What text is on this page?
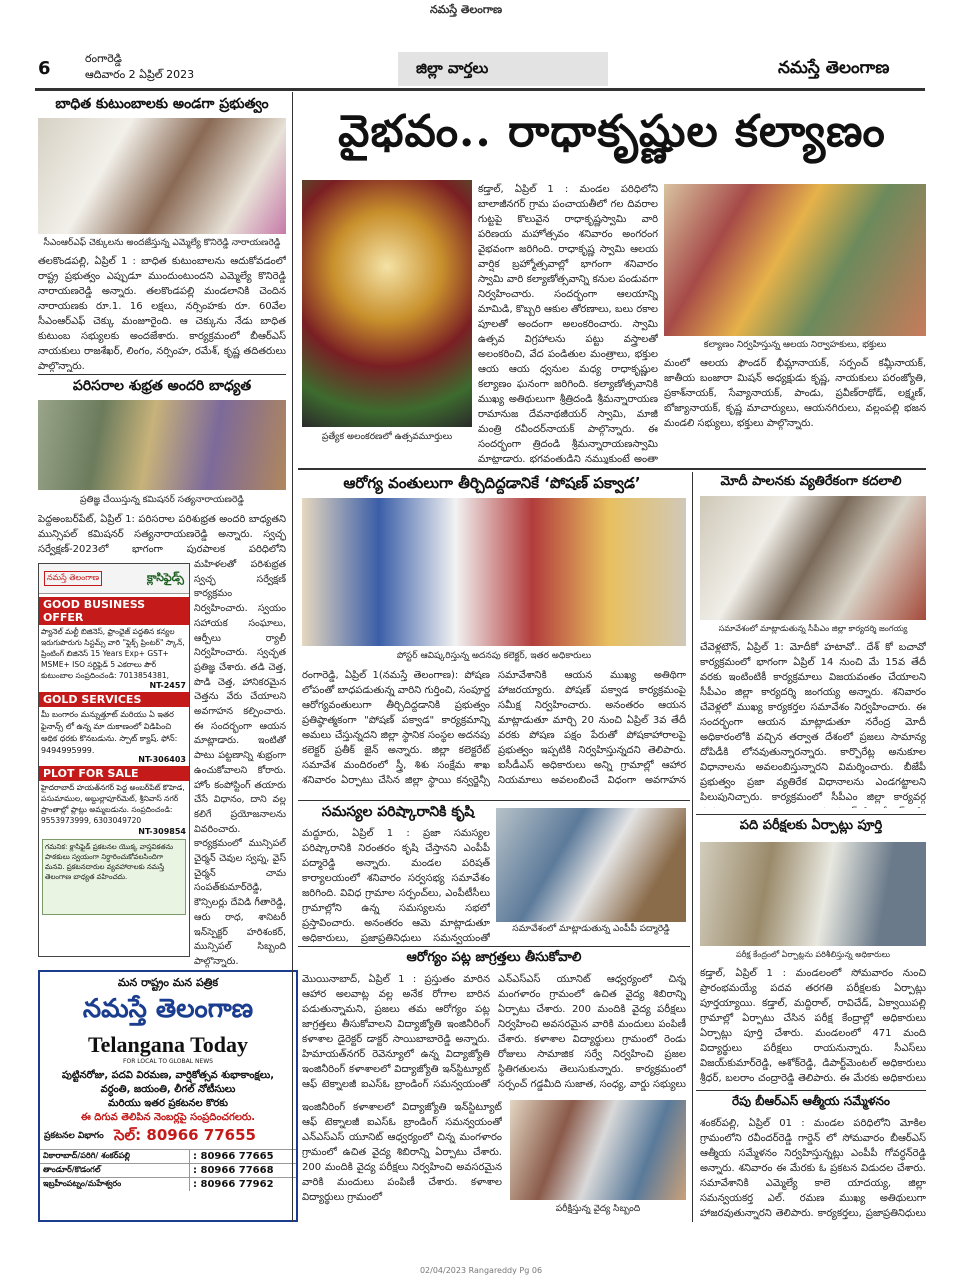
నమస్తే తెలంగాణ
6	రంగారెడ్డి
ఆదివారం 2 ఏప్రిల్ 2023	జిల్లా వార్తలు	నమస్తే తెలంగాణ
బాధిత కుటుంబాలకు అండగా ప్రభుత్వం
సీఎంఆర్‌ఎఫ్ చెక్కులను అందజేస్తున్న ఎమ్మెల్యే కొనిరెడ్డి నారాయణరెడ్డి
తలకొండపల్లి, ఏప్రిల్ 1 : బాధిత కుటుంబాలను ఆదుకోవడంలో రాష్ట్ర ప్రభుత్వం ఎప్పుడూ ముందుంటుందని ఎమ్మెల్యే కొనిరెడ్డి నారాయణరెడ్డి అన్నారు. తలకొండపల్లి మండలానికి చెందిన నారాయణకు రూ.1. 16 లక్షలు, నర్సింహకు రూ. 60వేల సీఎంఆర్‌ఎఫ్ చెక్కు మంజూరైంది. ఆ చెక్కును నేడు బాధిత కుటుంబ సభ్యులకు అందజేశారు. కార్యక్రమంలో బీఆర్‌ఎస్ నాయకులు రాజశేఖర్, లింగం, నర్సింహ, రమేశ్, కృష్ణ తదితరులు పాల్గొన్నారు.
పరిసరాల శుభ్రత అందరి బాధ్యత
ప్రతిజ్ఞ చేయిస్తున్న కమిషనర్ సత్యనారాయణరెడ్డి
పెద్దఅంబర్‌పేట్, ఏప్రిల్ 1: పరిసరాల పరిశుభ్రత అందరి బాధ్యతని మున్సిపల్ కమిషనర్ సత్యనారాయణరెడ్డి అన్నారు. స్వచ్ఛ సర్వేక్షణ్-2023లో భాగంగా పురపాలక పరిధిలోని
మహిళలతో పరిశుభ్రత స్వచ్ఛ సర్వేక్షణ్ కార్యక్రమం నిర్వహించారు. స్వయం సహాయక సంఘాలు, ఆర్పీలు ర్యాలీ నిర్వహించారు. స్వచ్ఛత ప్రతిజ్ఞ చేశారు. తడి చెత్త, పొడి చెత్త, హానికరమైన చెత్తను వేరు చేయాలని అవగాహన కల్పించారు. ఈ సందర్భంగా ఆయన మాట్లాడారు. ఇంటితో పాటు పట్టణాన్ని శుభ్రంగా ఉంచుకోవాలని కోరారు. హోం కంపోస్టింగ్ తయారు చేసే విధానం, దాని వల్ల కలిగే ప్రయోజనాలను వివరించారు. కార్యక్రమంలో మున్సిపల్ చైర్మన్ చెవుల స్వప్న, వైస్ చైర్మన్ చామ సంపత్‌కుమార్‌రెడ్డి, కౌన్సిలర్లు దేవిడి గీతారెడ్డి, ఆరు రాధ, శానిటరీ ఇన్‌స్పెక్టర్ హరిశంకర్, మున్సిపల్ సిబ్బంది పాల్గొన్నారు.
నమస్తే తెలంగాణ	క్లాసిఫైడ్స్
GOOD BUSINESS OFFER
ప్యానెల్ మల్టీ బిజినెస్, ఫ్రాంఛైజ్ పద్దతిన కన్యల ఇరుగుపొరుగు సిస్టమ్స్ వారి "ఫ్లెక్స్ ప్రింటర్" స్కాన్, ప్రింటింగ్ బిజినెస్ 15 Years Exp+ GST+ MSME+ ISO సర్టిఫైడ్ 5 ఎకరాలు పౌర్ కుటుంబాల సంప్రదించండి: 7013854381,
NT-2457
GOLD SERVICES
మీ బంగారం మన్నుత్తూట్ మరియు ఏ ఇతర ఫైనాన్స్ లో ఉన్న మా దుకాణంలో విడిపించి అధిక ధరకు కొనబడును. స్పాట్ క్యాష్. ఫోన్: 9494995999.
NT-306403
PLOT FOR SALE
హైదరాబాద్ హయత్‌నగర్ పెద్ద అంబర్‌పేట్ కొహెడ, పసుమాముల, అబ్దుల్లాపూర్‌మెట్, శ్రీనివాస్ నగర్ ప్రాంతాల్లో ప్లాట్లు అమ్మబడును. సంప్రదించండి: 9553973999, 6303049720
NT-309854
గమనిక: క్లాసిఫైడ్ ప్రకటనల యొక్క వాస్తవికతను పాఠకులు స్వయంగా నిర్ధారించుకోవలసిందిగా మనవి. ప్రకటనదారుల వ్యవహారాలకు నమస్తే తెలంగాణ బాధ్యత వహించదు.
మన రాష్ట్రం మన పత్రిక
నమస్తే తెలంగాణ
Telangana Today
FOR LOCAL TO GLOBAL NEWS
పుట్టినరోజు, పదవి విరమణ, వార్షికోత్సవ శుభాకాంక్షలు,
వర్ధంతి, జయంతి, లీగల్ నోటీసులు
మరియు ఇతర ప్రకటనల కొరకు
ఈ దిగువ తెలిపిన నెంబర్లపై సంప్రదించగలరు.
ప్రకటనల విభాగం సెల్: 80966 77655
వికారాబాద్/పరిగి/ శంకర్‌పల్లి	: 80966 77665
తాండూర్/కొడంగల్	: 80966 77668
ఇబ్రహీంపట్నం/మహేశ్వరం	: 80966 77962
వైభవం.. రాధాకృష్ణుల కల్యాణం
ప్రత్యేక అలంకరణలో ఉత్సవమూర్తులు
కడ్తాల్, ఏప్రిల్ 1 : మండల పరిధిలోని బాలాజీనగర్ గ్రామ పంచాయతీలో గల దివరాల గుట్టపై కొలువైన రాధాకృష్ణస్వామి వారి పరిణయ మహోత్సవం శనివారం అంగరంగ వైభవంగా జరిగింది. రాధాకృష్ణ స్వామి ఆలయ వార్షిక బ్రహ్మోత్సవాల్లో భాగంగా శనివారం స్వామి వారి కల్యాణోత్సవాన్ని కనుల పండువగా నిర్వహించారు. సందర్భంగా ఆలయాన్ని మామిడి, కొబ్బరి ఆకుల తోరణాలు, బలు రకాల పూలతో అందంగా అలంకరించారు. స్వామి ఉత్సవ విగ్రహాలను పట్టు వస్త్రాలతో అలంకరించి, వేద పండితుల మంత్రాలు, భక్తుల ఆయ ఆయ ధ్వనుల మధ్య రాధాకృష్ణుల కల్యాణం ఘనంగా జరిగింది. కల్యాణోత్సవానికి ముఖ్య అతిథులుగా శ్రీత్రిదండి శ్రీమన్నారాయణ రామానుజ దేవనాథజీయర్ స్వామి, మాజీ మంత్రి రవీందర్‌నాయక్ పాల్గొన్నారు. ఈ సందర్భంగా త్రిదండి శ్రీమన్నారాయణస్వామి మాట్లాడారు. భగవంతుడిని నమ్ముకుంటే అంతా
కల్యాణం నిర్వహిస్తున్న ఆలయ నిర్వాహకులు, భక్తులు
మంలో ఆలయ ఫౌండర్ భీమ్లానాయక్, సర్పంచ్ కమ్లీనాయక్, జాతీయ బంజారా మిషన్ అధ్యక్షుడు కృష్ణ, నాయకులు పరంజ్యోతి, ప్రకాశ్‌నాయక్, సేవ్యానాయక్, పాండు, ప్రవీణ్‌రాథోడ్, లక్ష్మణ్, బోజ్యానాయక్, కృష్ణ మాచార్యులు, ఆయనగిరులు, వల్లంపల్లి భజన మండలి సభ్యులు, భక్తులు పాల్గొన్నారు.
ఆరోగ్య వంతులుగా తీర్చిదిద్దడానికే ‘పోషణ్ పక్వాడ’
పోస్టర్ ఆవిష్కరిస్తున్న అదనపు కలెక్టర్, ఇతర అధికారులు
రంగారెడ్డి, ఏప్రిల్ 1(నమస్తే తెలంగాణ): పోషణ లోపంతో బాధపడుతున్న వారిని గుర్తించి, సంపూర్ణ ఆరోగ్యవంతులుగా తీర్చిదిద్దడానికి ప్రభుత్వం ప్రతిష్ఠాత్మకంగా "పోషణ్ పక్వాడ" కార్యక్రమాన్ని అమలు చేస్తున్నదని జిల్లా స్థానిక సంస్థల అదనపు కలెక్టర్ ప్రతీక్ జైన్ అన్నారు. జిల్లా కలెక్టరేట్ సమావేశ మందిరంలో స్త్రీ, శిశు సంక్షేమ శాఖ శనివారం ఏర్పాటు చేసిన జిల్లా స్థాయి కన్వర్జెన్సీ సమావేశానికి ఆయన ముఖ్య అతిథిగా హాజరయ్యారు. పోషణ్ పక్వాడ కార్యక్రమంపై సమీక్ష నిర్వహించారు. అనంతరం ఆయన మాట్లాడుతూ మార్చి 20 నుంచి ఏప్రిల్ 3వ తేదీ వరకు పోషణ పక్షం పేరుతో పోషకాహారాలపై ప్రభుత్వం ఇప్పటికి నిర్వహిస్తున్నదని తెలిపారు. ఐసీడీఎస్ అధికారులు అన్ని గ్రామాల్లో ఆహార నియమాలు అవలంబించే విధంగా అవగాహన
సమస్యల పరిష్కారానికి కృషి
మద్దూరు, ఏప్రిల్ 1 : ప్రజా సమస్యల పరిష్కారానికి నిరంతరం కృషి చేస్తానని ఎంపీపీ పద్మారెడ్డి అన్నారు. మండల పరిషత్ కార్యాలయంలో శనివారం సర్వసభ్య సమావేశం జరిగింది. వివిధ గ్రామాల సర్పంచ్‌లు, ఎంపీటీసీలు గ్రామాల్లోని ఉన్న సమస్యలను సభలో ప్రస్తావించారు. అనంతరం ఆమె మాట్లాడుతూ అధికారులు, ప్రజాప్రతినిధులు సమన్వయంతో
సమావేశంలో మాట్లాడుతున్న ఎంపీపీ పద్మారెడ్డి
ఆరోగ్యం పట్ల జాగ్రత్తలు తీసుకోవాలి
మొయినాబాద్, ఏప్రిల్ 1 : ప్రస్తుతం మారిన ఆహార అలవాట్ల వల్ల అనేక రోగాల బారిన పడుతున్నామని, ప్రజలు తమ ఆరోగ్యం పట్ల జాగ్రత్తలు తీసుకోవాలని విద్యాజ్యోతి ఇంజినీరింగ్ కళాశాల డైరెక్టర్ డాక్టర్ సాయిబాబారెడ్డి అన్నారు. హిమాయత్‌నగర్ రెవెన్యూలో ఉన్న విద్యాజ్యోతి ఇంజినీరింగ్ కళాశాలలో విద్యాజ్యోతి ఇన్‌స్టిట్యూట్ ఆఫ్ టెక్నాలజీ ఐఎస్ఓ బ్రాండింగ్ సమన్వయంతో ఎన్ఎస్ఎస్ యూనిట్ ఆధ్వర్యంలో చిన్న మంగళారం గ్రామంలో ఉచిత వైద్య శిబిరాన్ని ఏర్పాటు చేశారు. 200 మందికి వైద్య పరీక్షలు నిర్వహించి అవసరమైన వారికి మందులు పంపిణీ చేశారు. కళాశాల విద్యార్థులు గ్రామంలో రెండు రోజులు సామాజిక సర్వే నిర్వహించి ప్రజల స్థితిగతులను తెలుసుకున్నారు. కార్యక్రమంలో సర్పంచ్ గడ్డమీది సుజాత, సంధ్య, వార్డు సభ్యులు
ఇంజినీరింగ్ కళాశాలలో విద్యాజ్యోతి ఇన్‌స్టిట్యూట్ ఆఫ్ టెక్నాలజీ ఐఎస్ఓ బ్రాండింగ్ సమన్వయంతో ఎన్ఎస్ఎస్ యూనిట్ ఆధ్వర్యంలో చిన్న మంగళారం గ్రామంలో ఉచిత వైద్య శిబిరాన్ని ఏర్పాటు చేశారు. 200 మందికి వైద్య పరీక్షలు నిర్వహించి అవసరమైన వారికి మందులు పంపిణీ చేశారు. కళాశాల విద్యార్థులు గ్రామంలో
పరీక్షిస్తున్న వైద్య సిబ్బంది
మోదీ పాలనకు వ్యతిరేకంగా కదలాలి
సమావేశంలో మాట్లాడుతున్న సీపీఎం జిల్లా కార్యదర్శి జంగయ్య
చేవెళ్లటౌన్, ఏప్రిల్ 1: మోదీకో హటావో.. దేశ్ కో బచావో కార్యక్రమంలో భాగంగా ఏప్రిల్ 14 నుంచి మే 15వ తేదీ వరకు ఇంటింటికీ కార్యక్రమాలు విజయవంతం చేయాలని సీపీఎం జిల్లా కార్యదర్శి జంగయ్య అన్నారు. శనివారం చేవెళ్లలో ముఖ్య కార్యకర్తల సమావేశం నిర్వహించారు. ఈ సందర్భంగా ఆయన మాట్లాడుతూ నరేంద్ర మోదీ అధికారంలోకి వచ్చిన తర్వాత దేశంలో ప్రజలు సామాన్య దోపిడీకి లోనవుతున్నారన్నారు. కార్పొరేట్ల అనుకూల విధానాలను అవలంబిస్తున్నారని విమర్శించారు. బీజేపీ ప్రభుత్వం ప్రజా వ్యతిరేక విధానాలను ఎండగట్టాలని పిలుపునిచ్చారు. కార్యక్రమంలో సీపీఎం జిల్లా కార్యవర్గ
పది పరీక్షలకు ఏర్పాట్లు పూర్తి
పరీక్ష కేంద్రంలో ఏర్పాట్లను పరిశీలిస్తున్న అధికారులు
కడ్తాల్, ఏప్రిల్ 1 : మండలంలో సోమవారం నుంచి ప్రారంభమయ్యే పదవ తరగతి పరీక్షలకు ఏర్పాట్లు పూర్తయ్యాయి. కడ్తాల్, మద్దిరాల్, రావిచేడ్, ఏక్వాయిపల్లి గ్రామాల్లో ఏర్పాటు చేసిన పరీక్ష కేంద్రాల్లో అధికారులు ఏర్పాట్లు పూర్తి చేశారు. మండలంలో 471 మంది విద్యార్థులు పరీక్షలు రాయనున్నారు. సీఎస్‌లు విజయ్‌కుమార్‌రెడ్డి, ఆశోక్‌రెడ్డి, డిపార్ట్‌మెంటల్ అధికారులు శ్రీధర్, బలరాం చంద్రారెడ్డి తెలిపారు. ఈ మేరకు అధికారులు
రేపు బీఆర్‌ఎస్ ఆత్మీయ సమ్మేళనం
శంకర్‌పల్లి, ఏప్రిల్ 01 : మండల పరిధిలోని మోకిల గ్రామంలోని రవీందర్‌రెడ్డి గార్డెన్ లో సోమవారం బీఆర్‌ఎస్ ఆత్మీయ సమ్మేళనం నిర్వహిస్తున్నట్లు ఎంపీపీ గోవర్ధన్‌రెడ్డి అన్నారు. శనివారం ఈ మేరకు ఓ ప్రకటన విడుదల చేశారు. సమావేశానికి ఎమ్మెల్యే కాలె యాదయ్య, జిల్లా సమన్వయకర్త ఎల్. రమణ ముఖ్య అతిథులుగా హాజరవుతున్నారని తెలిపారు. కార్యకర్తలు, ప్రజాప్రతినిధులు
02/04/2023 Rangareddy Pg 06
